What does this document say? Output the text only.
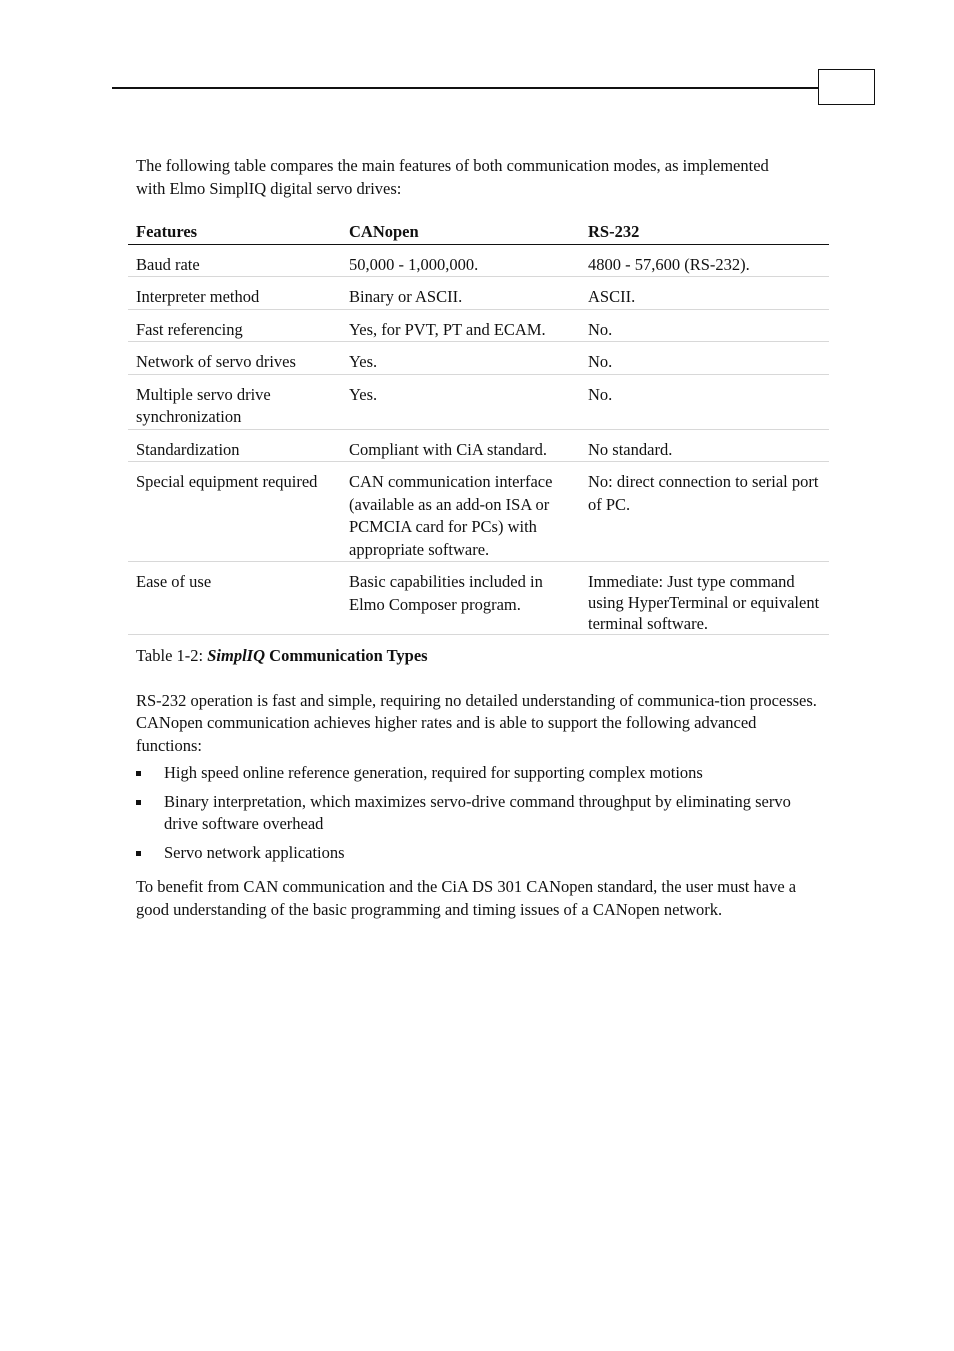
The following table compares the main features of both communication modes, as implemented with Elmo SimplIQ digital servo drives:

Features	CANopen	RS-232
Baud rate	50,000 - 1,000,000.	4800 - 57,600 (RS-232).
Interpreter method	Binary or ASCII.	ASCII.
Fast referencing	Yes, for PVT, PT and ECAM.	No.
Network of servo drives	Yes.	No.
Multiple servo drive synchronization	Yes.	No.
Standardization	Compliant with CiA standard.	No standard.
Special equipment required	CAN communication interface (available as an add-on ISA or PCMCIA card for PCs) with appropriate software.	No: direct connection to serial port of PC.
Ease of use	Basic capabilities included in Elmo Composer program.	Immediate: Just type command using HyperTerminal or equivalent terminal software.

Table 1-2: SimplIQ Communication Types

RS-232 operation is fast and simple, requiring no detailed understanding of communica-tion processes. CANopen communication achieves higher rates and is able to support the following advanced functions:

High speed online reference generation, required for supporting complex motions
Binary interpretation, which maximizes servo-drive command throughput by eliminating servo drive software overhead
Servo network applications

To benefit from CAN communication and the CiA DS 301 CANopen standard, the user must have a good understanding of the basic programming and timing issues of a CANopen network.
